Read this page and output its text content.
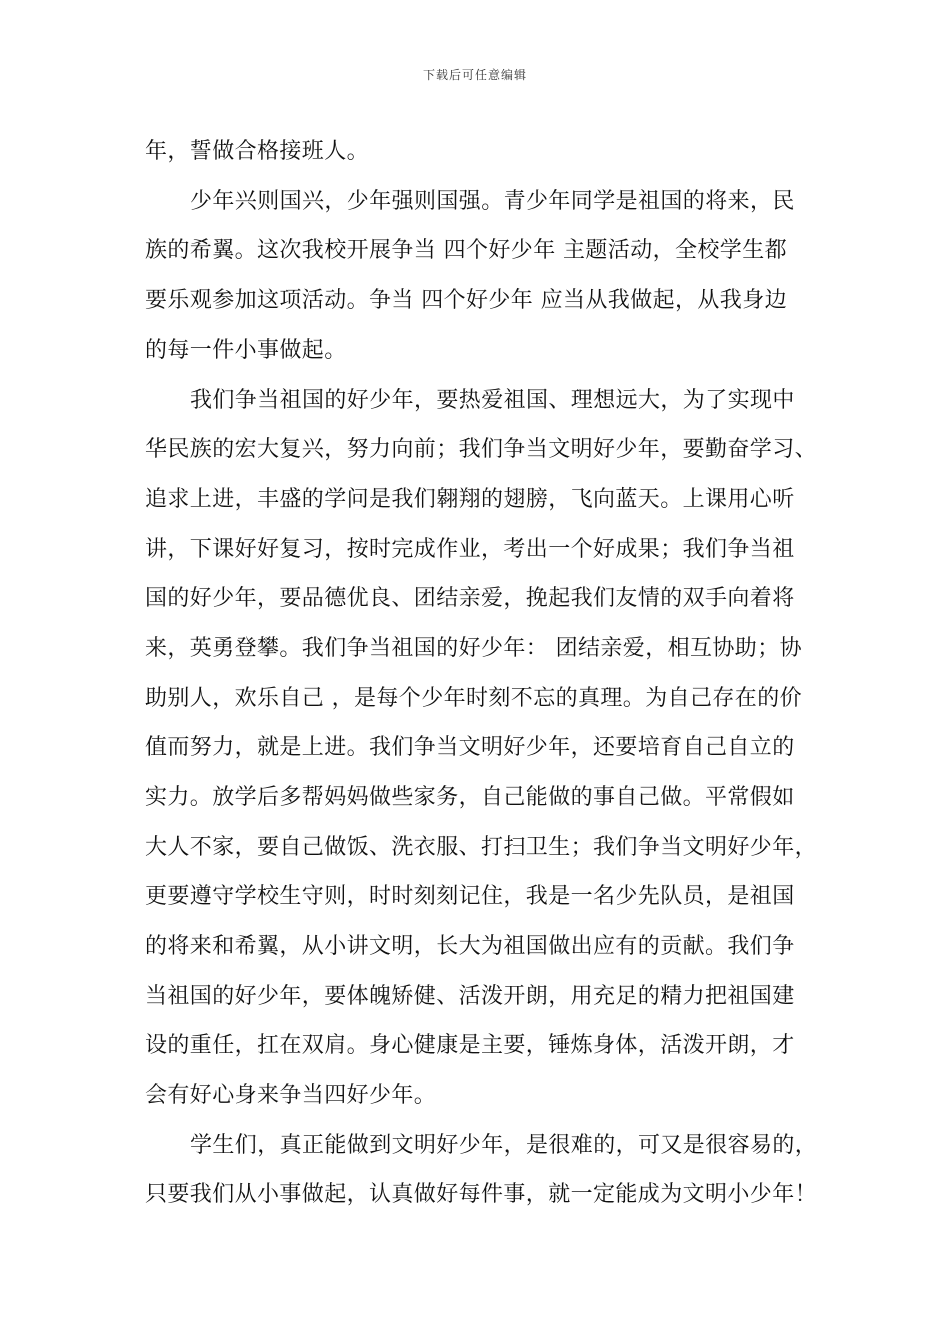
下载后可任意编辑
年，誓做合格接班人。
少年兴则国兴，少年强则国强。青少年同学是祖国的将来，民
族的希翼。这次我校开展争当 四个好少年 主题活动，全校学生都
要乐观参加这项活动。争当 四个好少年 应当从我做起，从我身边
的每一件小事做起。
我们争当祖国的好少年，要热爱祖国、理想远大，为了实现中
华民族的宏大复兴，努力向前；我们争当文明好少年，要勤奋学习、
追求上进，丰盛的学问是我们翱翔的翅膀，飞向蓝天。上课用心听
讲，下课好好复习，按时完成作业，考出一个好成果；我们争当祖
国的好少年，要品德优良、团结亲爱，挽起我们友情的双手向着将
来，英勇登攀。我们争当祖国的好少年： 团结亲爱，相互协助；协
助别人，欢乐自己 ，是每个少年时刻不忘的真理。为自己存在的价
值而努力，就是上进。我们争当文明好少年，还要培育自己自立的
实力。放学后多帮妈妈做些家务，自己能做的事自己做。平常假如
大人不家，要自己做饭、洗衣服、打扫卫生；我们争当文明好少年，
更要遵守学校生守则，时时刻刻记住，我是一名少先队员，是祖国
的将来和希翼，从小讲文明，长大为祖国做出应有的贡献。我们争
当祖国的好少年，要体魄矫健、活泼开朗，用充足的精力把祖国建
设的重任，扛在双肩。身心健康是主要，锤炼身体，活泼开朗，才
会有好心身来争当四好少年。
学生们，真正能做到文明好少年，是很难的，可又是很容易的，
只要我们从小事做起，认真做好每件事，就一定能成为文明小少年！
